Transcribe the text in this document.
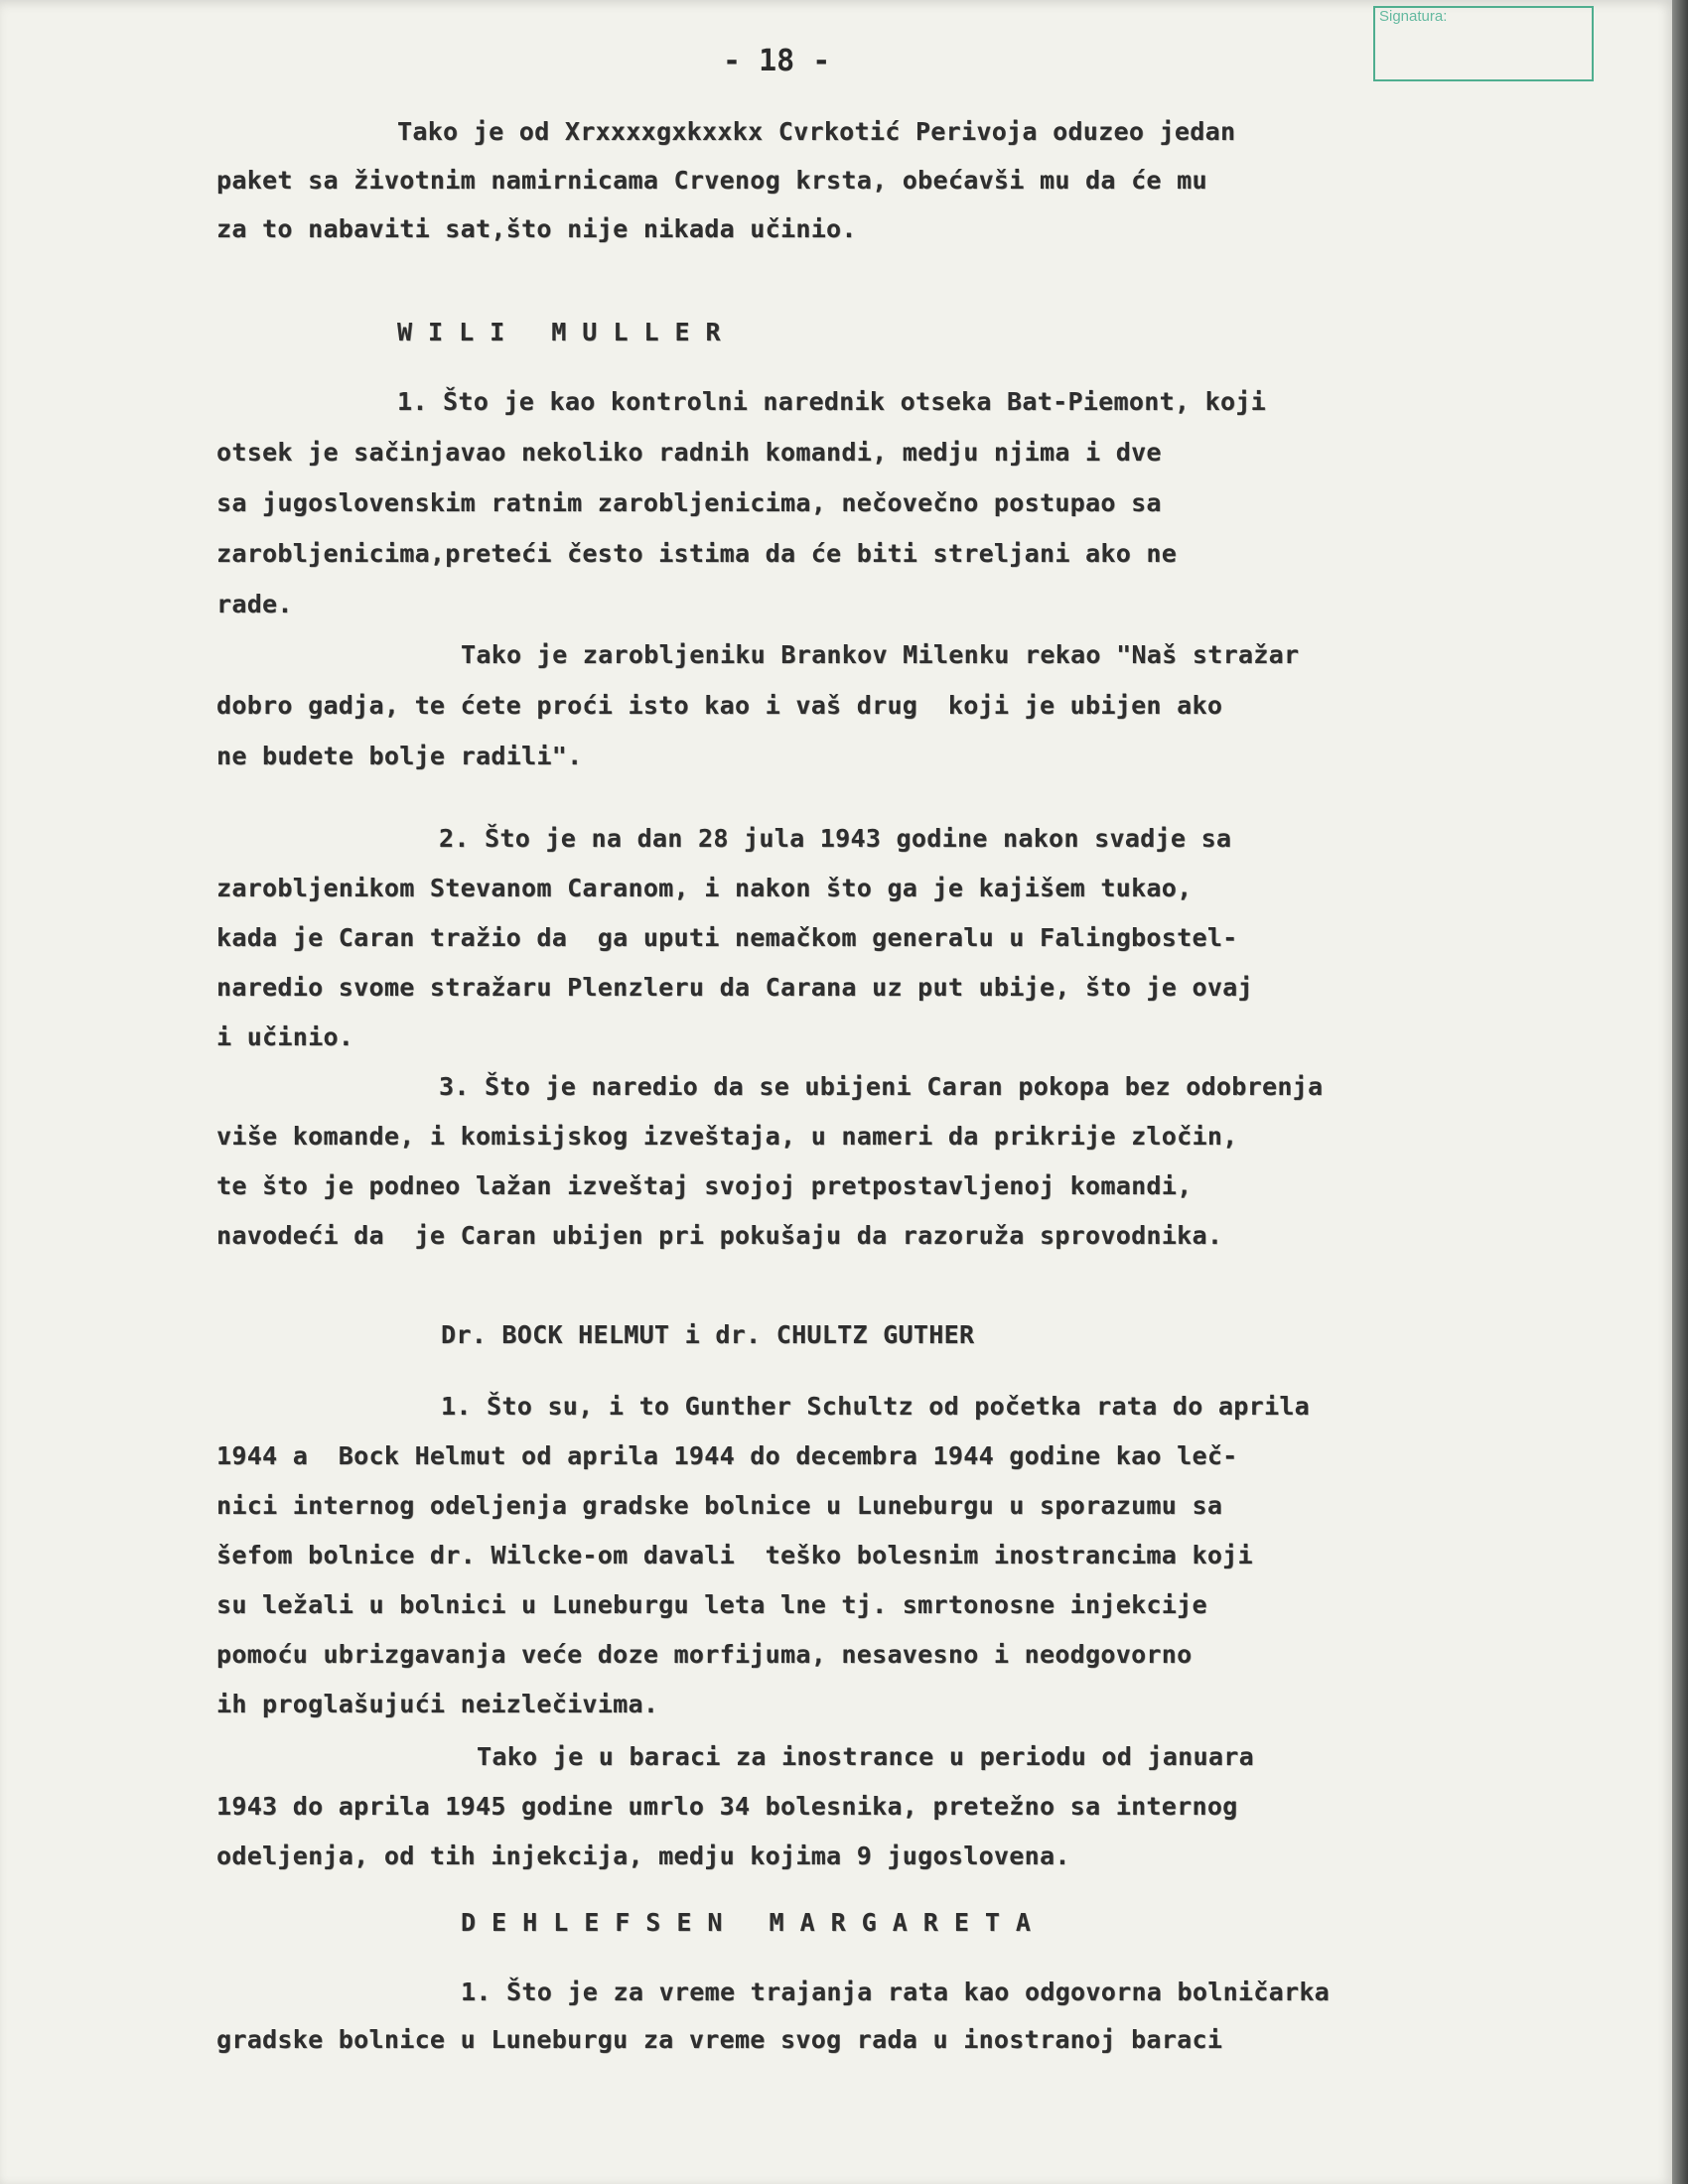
Signatura:
- 18 -
Tako je od Xrxxxxgxkxxkx Cvrkotić Perivoja oduzeo jedan
paket sa životnim namirnicama Crvenog krsta, obećavši mu da će mu
za to nabaviti sat,što nije nikada učinio.
WILI MULLER
1. Što je kao kontrolni narednik otseka Bat-Piemont, koji
otsek je sačinjavao nekoliko radnih komandi, medju njima i dve
sa jugoslovenskim ratnim zarobljenicima, nečovečno postupao sa
zarobljenicima,preteći često istima da će biti streljani ako ne
rade.
Tako je zarobljeniku Brankov Milenku rekao "Naš stražar
dobro gadja, te ćete proći isto kao i vaš drug  koji je ubijen ako
ne budete bolje radili".
2. Što je na dan 28 jula 1943 godine nakon svadje sa
zarobljenikom Stevanom Caranom, i nakon što ga je kajišem tukao,
kada je Caran tražio da  ga uputi nemačkom generalu u Falingbostel-
naredio svome stražaru Plenzleru da Carana uz put ubije, što je ovaj
i učinio.
3. Što je naredio da se ubijeni Caran pokopa bez odobrenja
više komande, i komisijskog izveštaja, u nameri da prikrije zločin,
te što je podneo lažan izveštaj svojoj pretpostavljenoj komandi,
navodeći da  je Caran ubijen pri pokušaju da razoruža sprovodnika.
Dr. BOCK HELMUT i dr. CHULTZ GUTHER
1. Što su, i to Gunther Schultz od početka rata do aprila
1944 a  Bock Helmut od aprila 1944 do decembra 1944 godine kao leč-
nici internog odeljenja gradske bolnice u Luneburgu u sporazumu sa
šefom bolnice dr. Wilcke-om davali  teško bolesnim inostrancima koji
su ležali u bolnici u Luneburgu leta lne tj. smrtonosne injekcije
pomoću ubrizgavanja veće doze morfijuma, nesavesno i neodgovorno
ih proglašujući neizlečivima.
Tako je u baraci za inostrance u periodu od januara
1943 do aprila 1945 godine umrlo 34 bolesnika, pretežno sa internog
odeljenja, od tih injekcija, medju kojima 9 jugoslovena.
DEHLEFSEN MARGARETA
1. Što je za vreme trajanja rata kao odgovorna bolničarka
gradske bolnice u Luneburgu za vreme svog rada u inostranoj baraci
